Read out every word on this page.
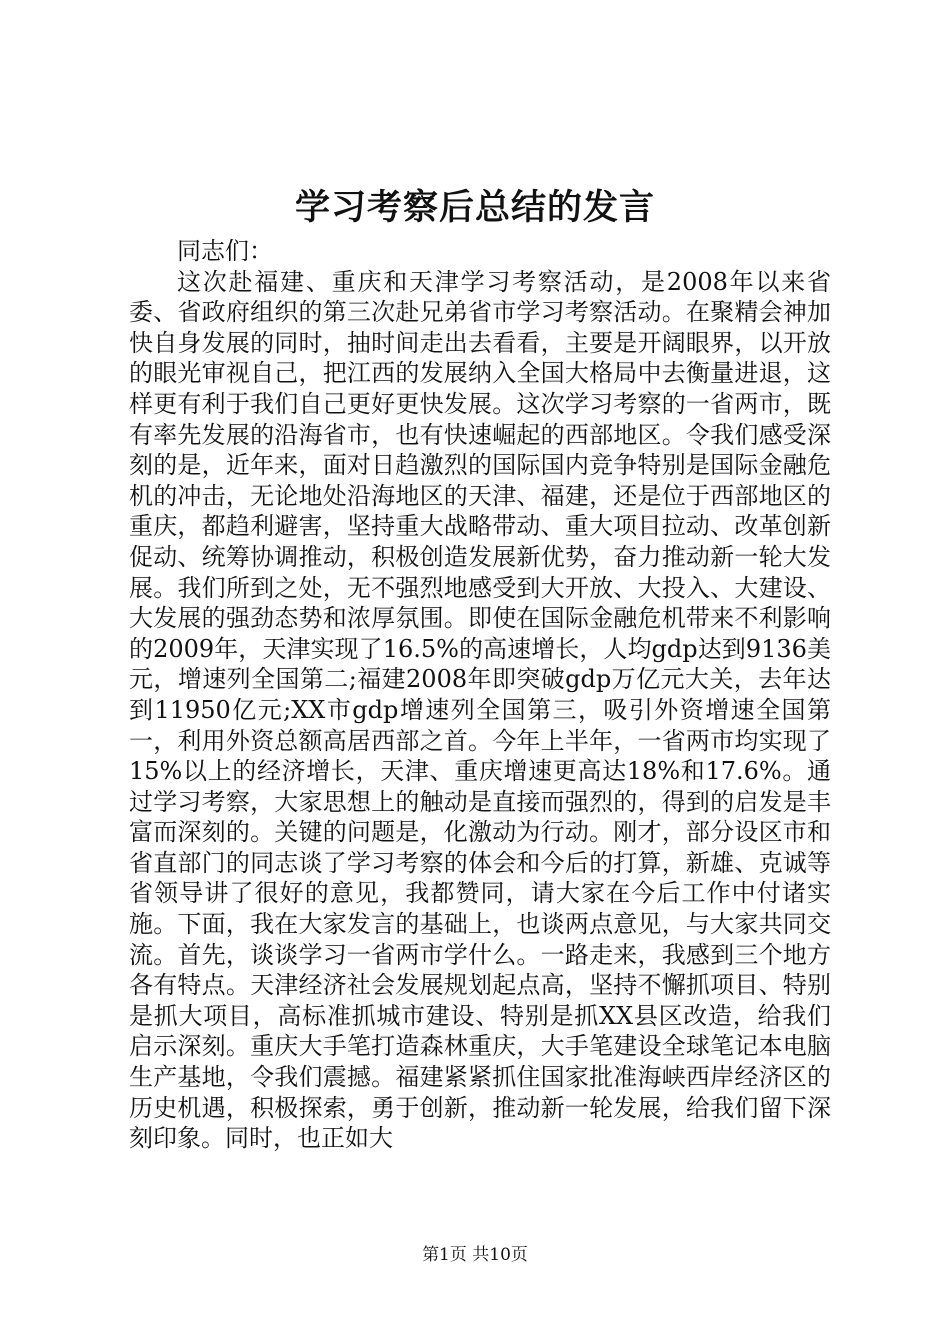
学习考察后总结的发言

同志们：

这次赴福建、重庆和天津学习考察活动，是2008年以来省委、省政府组织的第三次赴兄弟省市学习考察活动。在聚精会神加快自身发展的同时，抽时间走出去看看，主要是开阔眼界，以开放的眼光审视自己，把江西的发展纳入全国大格局中去衡量进退，这样更有利于我们自己更好更快发展。这次学习考察的一省两市，既有率先发展的沿海省市，也有快速崛起的西部地区。令我们感受深刻的是，近年来，面对日趋激烈的国际国内竞争特别是国际金融危机的冲击，无论地处沿海地区的天津、福建，还是位于西部地区的重庆，都趋利避害，坚持重大战略带动、重大项目拉动、改革创新促动、统筹协调推动，积极创造发展新优势，奋力推动新一轮大发展。我们所到之处，无不强烈地感受到大开放、大投入、大建设、大发展的强劲态势和浓厚氛围。即使在国际金融危机带来不利影响的2009年，天津实现了16.5%的高速增长，人均gdp达到9136美元，增速列全国第二;福建2008年即突破gdp万亿元大关，去年达到11950亿元;XX市gdp增速列全国第三，吸引外资增速全国第一，利用外资总额高居西部之首。今年上半年，一省两市均实现了15%以上的经济增长，天津、重庆增速更高达18%和17.6%。通过学习考察，大家思想上的触动是直接而强烈的，得到的启发是丰富而深刻的。关键的问题是，化激动为行动。刚才，部分设区市和省直部门的同志谈了学习考察的体会和今后的打算，新雄、克诚等省领导讲了很好的意见，我都赞同，请大家在今后工作中付诸实施。下面，我在大家发言的基础上，也谈两点意见，与大家共同交流。首先，谈谈学习一省两市学什么。一路走来，我感到三个地方各有特点。天津经济社会发展规划起点高，坚持不懈抓项目、特别是抓大项目，高标准抓城市建设、特别是抓XX县区改造，给我们启示深刻。重庆大手笔打造森林重庆，大手笔建设全球笔记本电脑生产基地，令我们震撼。福建紧紧抓住国家批准海峡西岸经济区的历史机遇，积极探索，勇于创新，推动新一轮发展，给我们留下深刻印象。同时，也正如大

第1页 共10页
